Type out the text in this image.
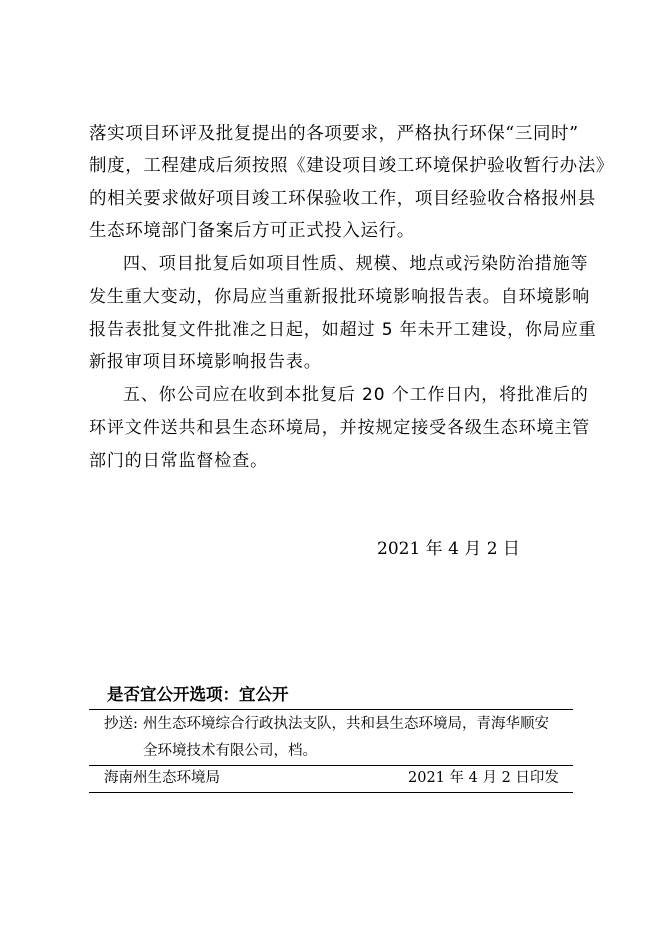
落实项目环评及批复提出的各项要求，严格执行环保“三同时”
制度，工程建成后须按照《建设项目竣工环境保护验收暂行办法》
的相关要求做好项目竣工环保验收工作，项目经验收合格报州县
生态环境部门备案后方可正式投入运行。
四、项目批复后如项目性质、规模、地点或污染防治措施等
发生重大变动，你局应当重新报批环境影响报告表。自环境影响
报告表批复文件批准之日起，如超过 5 年未开工建设，你局应重
新报审项目环境影响报告表。
五、你公司应在收到本批复后 20 个工作日内，将批准后的
环评文件送共和县生态环境局，并按规定接受各级生态环境主管
部门的日常监督检查。
2021 年 4 月 2 日
是否宜公开选项：宜公开
抄送: 州生态环境综合行政执法支队，共和县生态环境局，青海华顺安
全环境技术有限公司，档。
海南州生态环境局	2021 年 4 月 2 日印发
